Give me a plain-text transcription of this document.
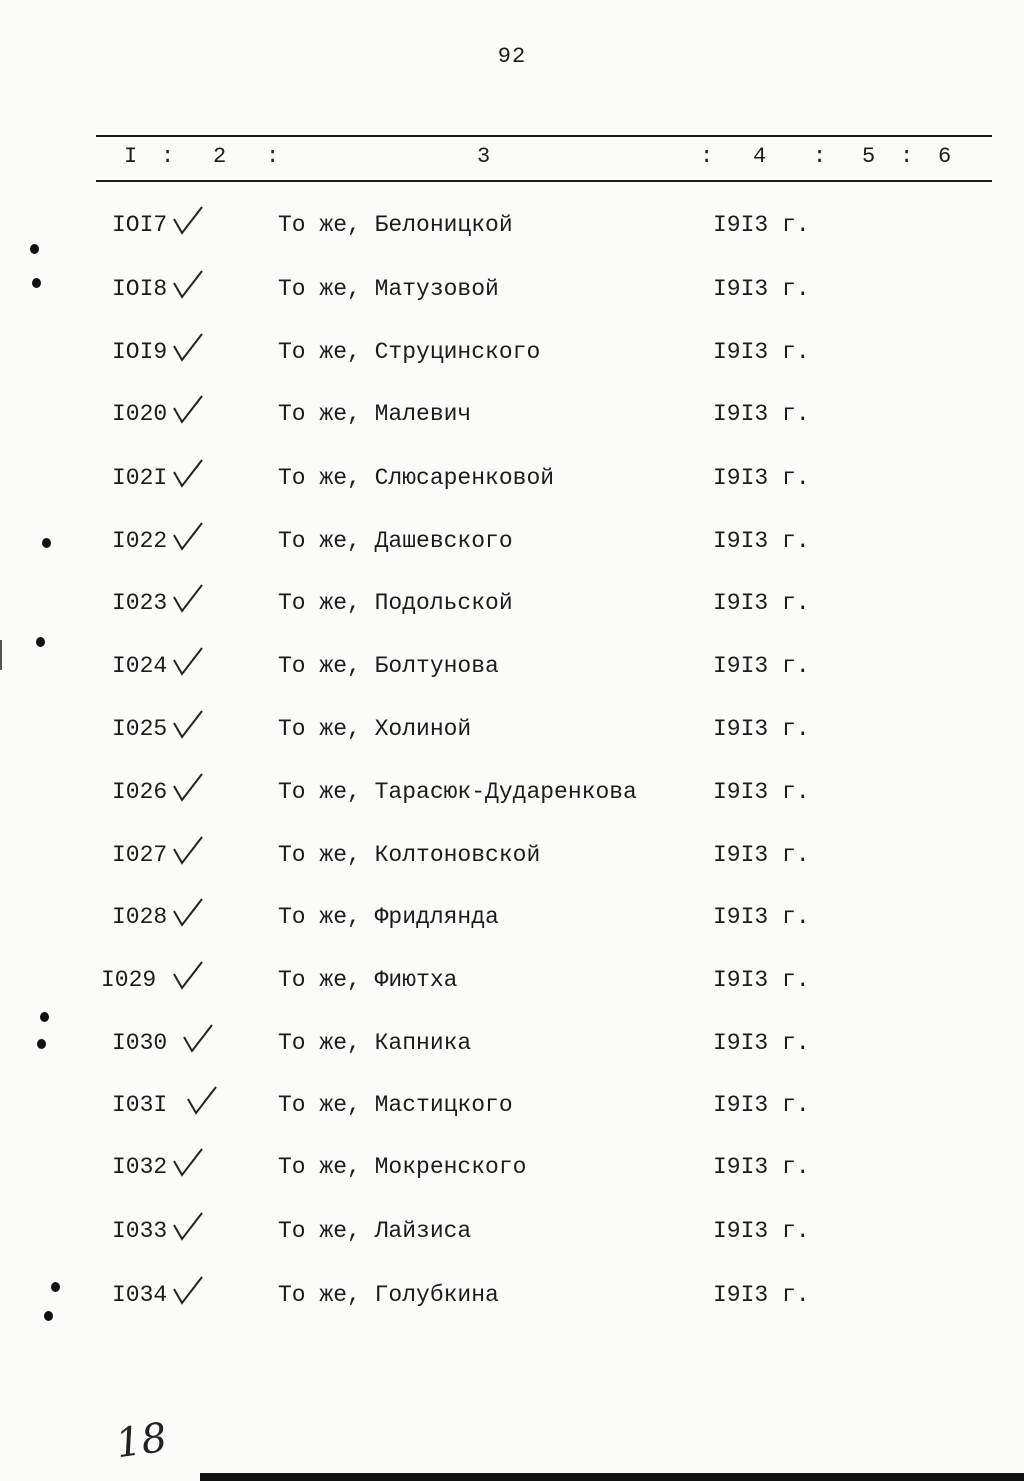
92
I : 2 :	3	: 4 : 5 : 6
IOI7	То же, Белоницкой	I9I3 г.
IOI8	То же, Матузовой	I9I3 г.
IOI9	То же, Струцинского	I9I3 г.
I020	То же, Малевич	I9I3 г.
I02I	То же, Слюсаренковой	I9I3 г.
I022	То же, Дашевского	I9I3 г.
I023	То же, Подольской	I9I3 г.
I024	То же, Болтунова	I9I3 г.
I025	То же, Холиной	I9I3 г.
I026	То же, Тарасюк-Дударенкова	I9I3 г.
I027	То же, Колтоновской	I9I3 г.
I028	То же, Фридлянда	I9I3 г.
I029	То же, Фиютха	I9I3 г.
I030	То же, Капника	I9I3 г.
I03I	То же, Мастицкого	I9I3 г.
I032	То же, Мокренского	I9I3 г.
I033	То же, Лайзиса	I9I3 г.
I034	То же, Голубкина	I9I3 г.
18
